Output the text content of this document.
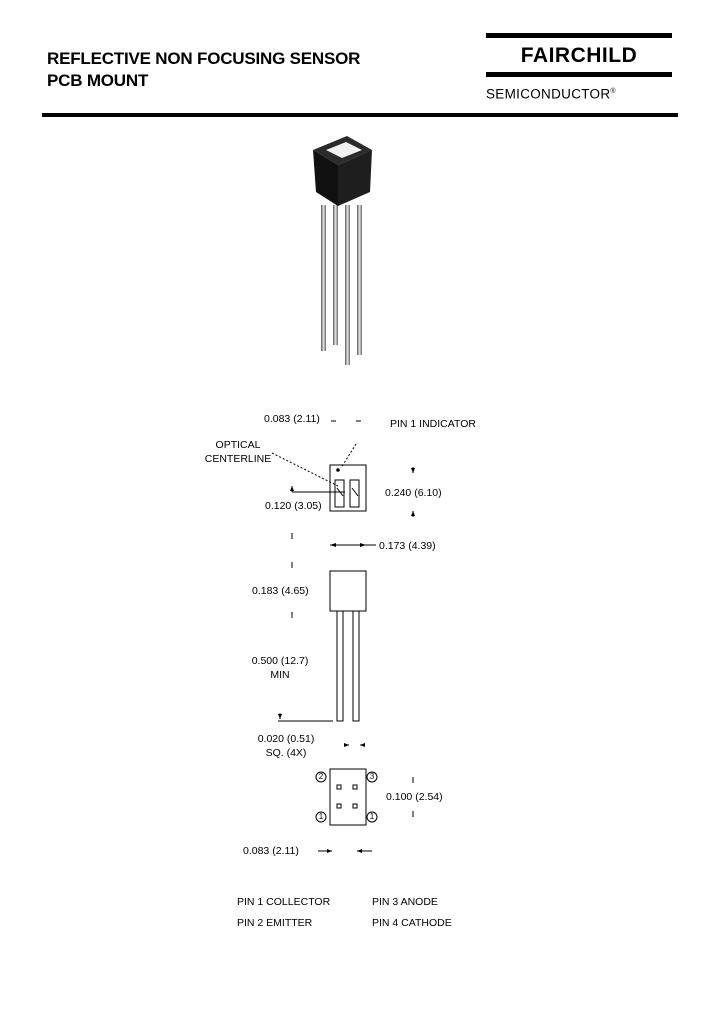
REFLECTIVE NON FOCUSING SENSOR
PCB MOUNT
FAIRCHILD
SEMICONDUCTOR®
0.083 (2.11)	PIN 1 INDICATOR
OPTICAL
CENTERLINE
0.120 (3.05)
0.240 (6.10)
0.173 (4.39)
0.183 (4.65)
0.500 (12.7)
MIN
0.020 (0.51)
SQ. (4X)
0.100 (2.54)
0.083 (2.11)
2	3
1	1
PIN 1 COLLECTOR	PIN 3 ANODE
PIN 2 EMITTER	PIN 4 CATHODE
